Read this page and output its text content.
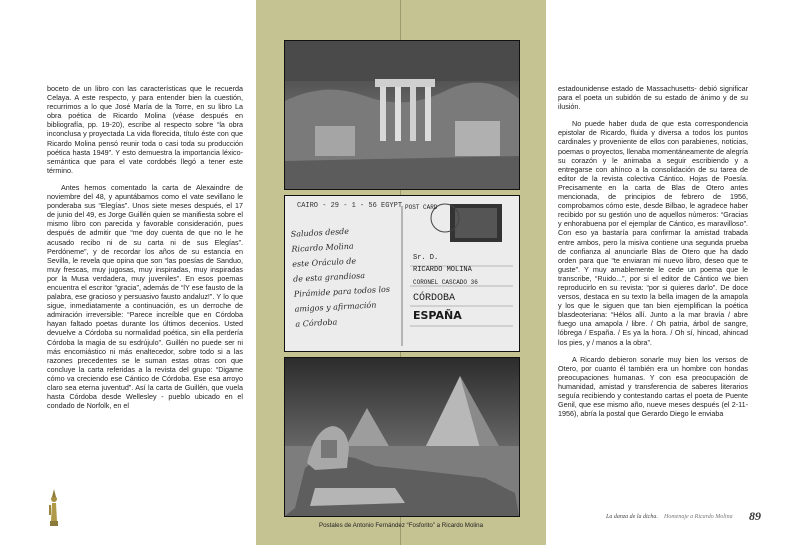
boceto de un libro con las características que le recuerda Celaya. A este respecto, y para entender bien la cuestión, recurrimos a lo que José María de la Torre, en su libro La obra poética de Ricardo Molina (véase después en bibliografía, pp. 19-20), escribe al respecto sobre “la obra inconclusa y proyectada La vida florecida, título éste con que Ricardo Molina pensó reunir toda o casi toda su producción poética hasta 1949”. Y esto demuestra la importancia léxico-semántica que para el vate cordobés llegó a tener este término.

Antes hemos comentado la carta de Alexaindre de noviembre del 48, y apuntábamos como el vate sevillano le ponderaba sus “Elegías”. Unos siete meses después, el 17 de junio del 49, es Jorge Guillén quien se manifiesta sobre el mismo libro con parecida y favorable consideración, pues después de admitir que “me doy cuenta de que no le he acusado recibo ni de su carta ni de sus Elegías”. Perdóneme”, y de recordar los años de su estancia en Sevilla, le revela que opina que son “las poesías de Sanduo, muy frescas, muy jugosas, muy inspiradas, muy inspiradas por la Musa verdadera, muy juveniles”. En esos poemas encuentra el escritor “gracia”, además de “lY ese fausto de la palabra, ese gracioso y persuasivo fausto andaluz!”. Y lo que sigue, inmediatamente a continuación, es un derroche de admiración irreversible: “Parece increíble que en Córdoba hayan faltado poetas durante los últimos decenios. Usted devuelve a Córdoba su normalidad poética, sin ella perdería Córdoba la magia de su esdrújulo”. Guillén no puede ser ni más encomiástico ni más enaltecedor, sobre todo si a las razones precedentes se le suman estas otras con que concluye la carta referidas a la revista del grupo: “Digame cómo va creciendo ese Cántico de Córdoba. Ese esa arroyo claro sea eterna juventud”. Así la carta de Guillén, que vuela hasta Córdoba desde Wellesley - pueblo ubicado en el condado de Norfolk, en el

CAIRO - 29 - 1 - 56 EGYPT POST CARD
Saludos desde
Ricardo Molina
este Oráculo de
de esta grandiosa
Pirámide para todos los
amigos y afirmación
a Córdoba
Sr. D.
RICARDO MOLINA
CORONEL CASCADO 36
CÓRDOBA
ESPAÑA
Postales de Antonio Fernández “Fosforito” a Ricardo Molina

estadounidense estado de Massachusetts- debió significar para el poeta un subidón de su estado de ánimo y de su ilusión.

No puede haber duda de que esta correspondencia epistolar de Ricardo, fluida y diversa a todos los puntos cardinales y proveniente de ellos con parabienes, noticias, poemas o proyectos, llenaba momentáneamente de alegría su corazón y le animaba a seguir escribiendo y a entregarse con ahínco a la consolidación de su tarea de editor de la revista colectiva Cántico. Hojas de Poesía. Precisamente en la carta de Blas de Otero antes mencionada, de principios de febrero de 1956, comprobamos cómo este, desde Bilbao, le agradece haber recibido por su gestión uno de aquellos números: “Gracias y enhorabuena por el ejemplar de Cántico, es maravilloso”. Con eso ya bastaría para confirmar la amistad trabada entre ambos, pero la misiva contiene una segunda prueba de confianza al anunciarle Blas de Otero que ha dado orden para que “te enviaran mi nuevo libro, deseo que te guste”. Y muy amablemente le cede un poema que le transcribe, “Ruido...”, por si el editor de Cántico we bien reproducirlo en su revista: “por si quieres darlo”. De doce versos, destaca en su texto la bella imagen de la amapola y los que le siguen que tan bien ejemplifican la poética blasdeoteriana: “Hélos allí. Junto a la mar bravía / abre fuego una amapola / libre. / Oh patria, árbol de sangre, lóbrega / España. / Es ya la hora. / Oh sí, hincad, ahincad los pies, y / manos a la obra”.

A Ricardo debieron sonarle muy bien los versos de Otero, por cuanto él también era un hombre con hondas preocupaciones humanas. Y con esa preocupación de humanidad, amistad y transferencia de saberes literarios seguía recibiendo y contestando cartas el poeta de Puente Genil, que ese mismo año, nueve meses después (el 2-11-1956), abría la postal que Gerardo Diego le enviaba

La danza de la dicha. Homenaje a Ricardo Molina 89
